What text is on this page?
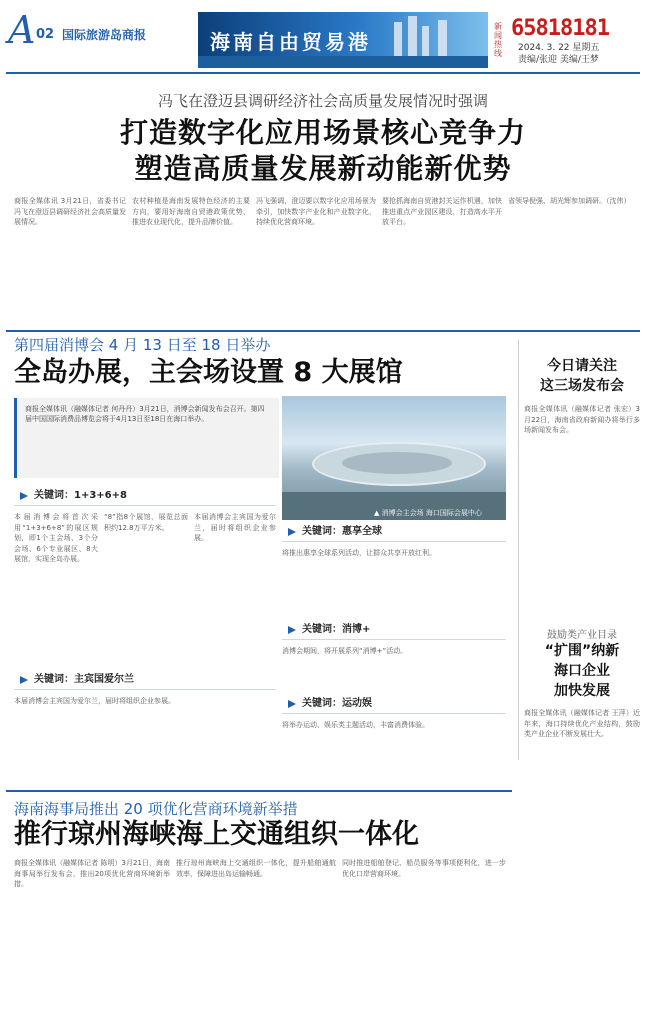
A 02 国际旅游岛商报	海南自由贸易港
新闻热线
65818181
2024. 3. 22 星期五
责编/张迎 美编/王梦
冯飞在澄迈县调研经济社会高质量发展情况时强调
打造数字化应用场景核心竞争力
塑造高质量发展新动能新优势
商报全媒体讯 3月21日，省委书记冯飞在澄迈县调研经济社会高质量发展情况。
农村种植是海南发展特色经济的主要方向，要用好海南自贸港政策优势，推进农业现代化，提升品牌价值。
冯飞强调，澄迈要以数字化应用场景为牵引，加快数字产业化和产业数字化，持续优化营商环境。
要抢抓海南自贸港封关运作机遇，加快推进重点产业园区建设，打造高水平开放平台。
省领导倪强、胡光辉参加调研。（沈伟）
第四届消博会 4 月 13 日至 18 日举办
全岛办展，主会场设置 8 大展馆

商报全媒体讯（融媒体记者 何丹丹）3月21日，消博会新闻发布会召开。第四届中国国际消费品博览会将于4月13日至18日在海口举办。

▲ 消博会主会场 海口国际会展中心
关键词：1+3+6+8
本届消博会将首次采用“1+3+6+8”的展区规划，即1个主会场、3个分会场、6个专业展区、8大展馆，实现全岛办展。
“8”指8个展馆，展览总面积约12.8万平方米。
本届消博会主宾国为爱尔兰，届时将组织企业参展。
关键词：主宾国爱尔兰
本届消博会主宾国为爱尔兰，届时将组织企业参展。
关键词：惠享全球
将推出惠享全球系列活动，让群众共享开放红利。
关键词：消博+
消博会期间，将开展系列“消博+”活动。
关键词：运动娱
将举办运动、娱乐类主题活动，丰富消费体验。
今日请关注
这三场发布会
商报全媒体讯（融媒体记者 张宏）3月22日，海南省政府新闻办将举行多场新闻发布会。
鼓励类产业目录
“扩围”纳新
海口企业
加快发展
商报全媒体讯（融媒体记者 王萍）近年来，海口持续优化产业结构，鼓励类产业企业不断发展壮大。
海南海事局推出 20 项优化营商环境新举措
推行琼州海峡海上交通组织一体化
商报全媒体讯（融媒体记者 陈明）3月21日，海南海事局举行发布会，推出20项优化营商环境新举措。
推行琼州海峡海上交通组织一体化，提升船舶通航效率，保障进出岛运输畅通。
同时推进船舶登记、船员服务等事项便利化，进一步优化口岸营商环境。
